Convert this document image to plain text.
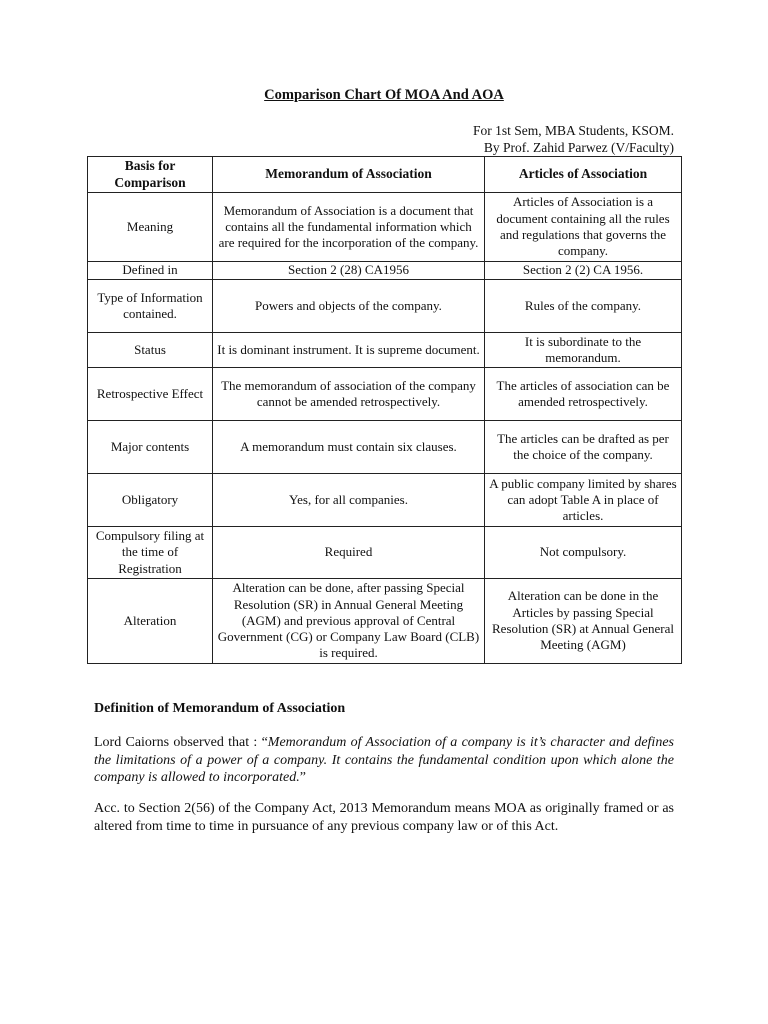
Comparison Chart Of MOA And AOA
For 1st Sem, MBA Students, KSOM.
By Prof. Zahid Parwez (V/Faculty)
Basis for Comparison	Memorandum of Association	Articles of Association
Meaning	Memorandum of Association is a document that contains all the fundamental information which are required for the incorporation of the company.	Articles of Association is a document containing all the rules and regulations that governs the company.
Defined in	Section 2 (28) CA1956	Section 2 (2) CA 1956.
Type of Information contained.	Powers and objects of the company.	Rules of the company.
Status	It is dominant instrument. It is supreme document.	It is subordinate to the memorandum.
Retrospective Effect	The memorandum of association of the company cannot be amended retrospectively.	The articles of association can be amended retrospectively.
Major contents	A memorandum must contain six clauses.	The articles can be drafted as per the choice of the company.
Obligatory	Yes, for all companies.	A public company limited by shares can adopt Table A in place of articles.
Compulsory filing at the time of Registration	Required	Not compulsory.
Alteration	Alteration can be done, after passing Special Resolution (SR) in Annual General Meeting (AGM) and previous approval of Central Government (CG) or Company Law Board (CLB) is required.	Alteration can be done in the Articles by passing Special Resolution (SR) at Annual General Meeting (AGM)
Definition of Memorandum of Association

Lord Caiorns observed that : “Memorandum of Association of a company is it’s character and defines the limitations of a power of a company. It contains the fundamental condition upon which alone the company is allowed to incorporated.”

Acc. to Section 2(56) of the Company Act, 2013 Memorandum means MOA as originally framed or as altered from time to time in pursuance of any previous company law or of this Act.
